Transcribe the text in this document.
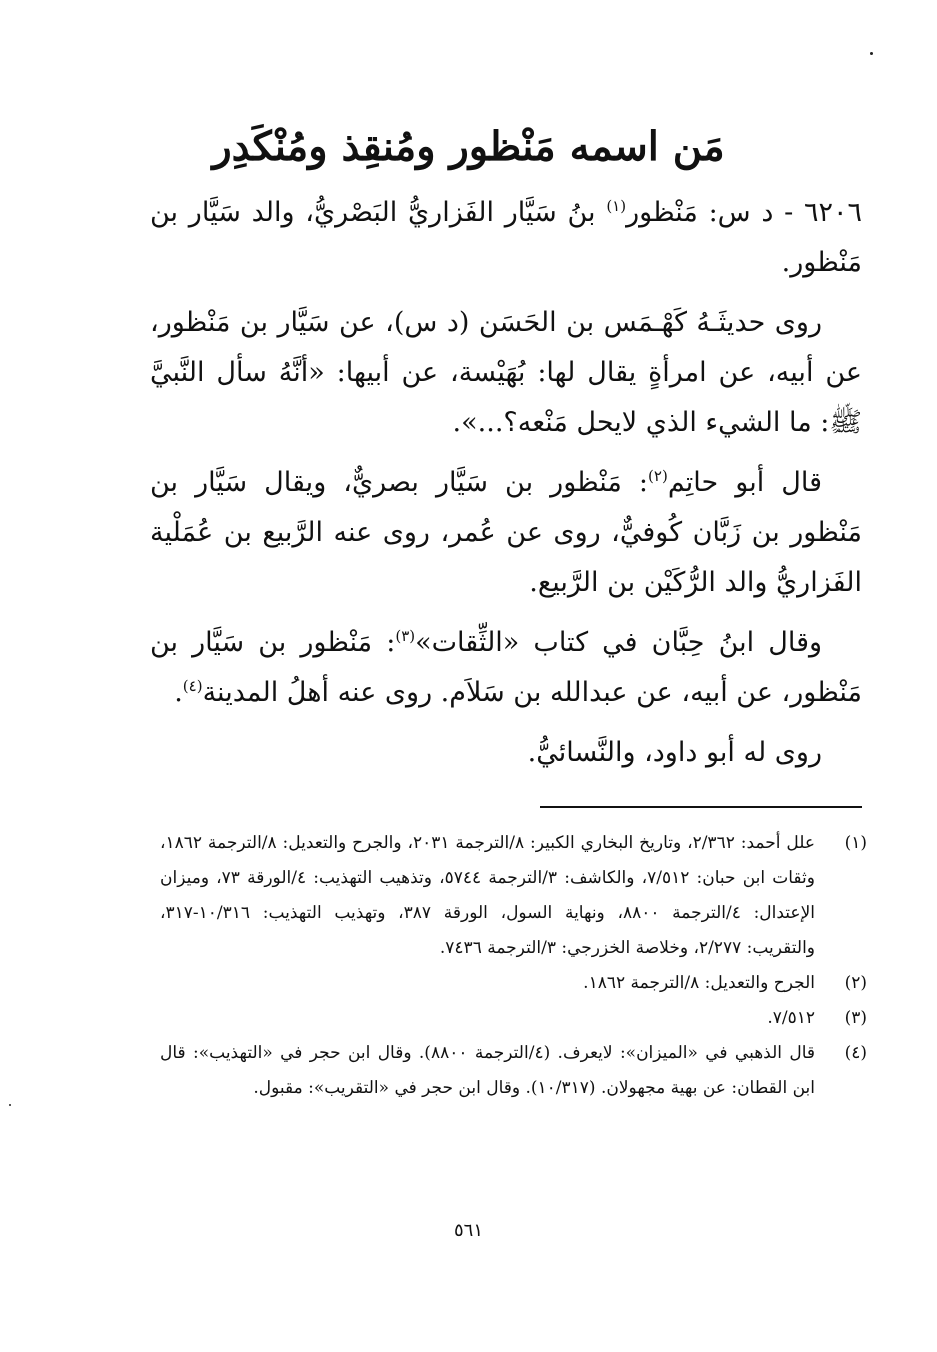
مَن اسمه مَنْظور ومُنقِذ ومُنْكَدِر

٦٢٠٦ - د س: مَنْظور$^{(١)}$ بنُ سَيَّار الفَزاريُّ البَصْريُّ، والد سَيَّار بن مَنْظور.

روى حديثَـهُ كَهْـمَس بن الحَسَن (د س)، عن سَيَّار بن مَنْظور، عن أبيه، عن امرأةٍ يقال لها: بُهَيْسة، عن أبيها: «أنَّهُ سأل النَّبيَّ ﷺ: ما الشيء الذي لايحل مَنْعه؟...».

قال أبو حاتِم$^{(٢)}$: مَنْظور بن سَيَّار بصريٌّ، ويقال سَيَّار بن مَنْظور بن زَبَّان كُوفيٌّ، روى عن عُمر، روى عنه الرَّبيع بن عُمَلْية الفَزاريُّ والد الرُّكَيْن بن الرَّبيع.

وقال ابنُ حِبَّان في كتاب «الثِّقات»$^{(٣)}$: مَنْظور بن سَيَّار بن مَنْظور، عن أبيه، عن عبدالله بن سَلاَم. روى عنه أهلُ المدينة$^{(٤)}$.

روى له أبو داود، والنَّسائيُّ.

(١)
علل أحمد: ٢/٣٦٢، وتاريخ البخاري الكبير: ٨/الترجمة ٢٠٣١، والجرح والتعديل: ٨/الترجمة ١٨٦٢، وثقات ابن حبان: ٧/٥١٢، والكاشف: ٣/الترجمة ٥٧٤٤، وتذهيب التهذيب: ٤/الورقة ٧٣، وميزان الإعتدال: ٤/الترجمة ٨٨٠٠، ونهاية السول، الورقة ٣٨٧، وتهذيب التهذيب: ١٠/٣١٦-٣١٧، والتقريب: ٢/٢٧٧، وخلاصة الخزرجي: ٣/الترجمة ٧٤٣٦.
(٢)
الجرح والتعديل: ٨/الترجمة ١٨٦٢.
(٣)
٧/٥١٢.
(٤)
قال الذهبي في «الميزان»: لايعرف. (٤/الترجمة ٨٨٠٠). وقال ابن حجر في «التهذيب»: قال ابن القطان: عن بهية مجهولان. (١٠/٣١٧). وقال ابن حجر في «التقريب»: مقبول.
٥٦١
